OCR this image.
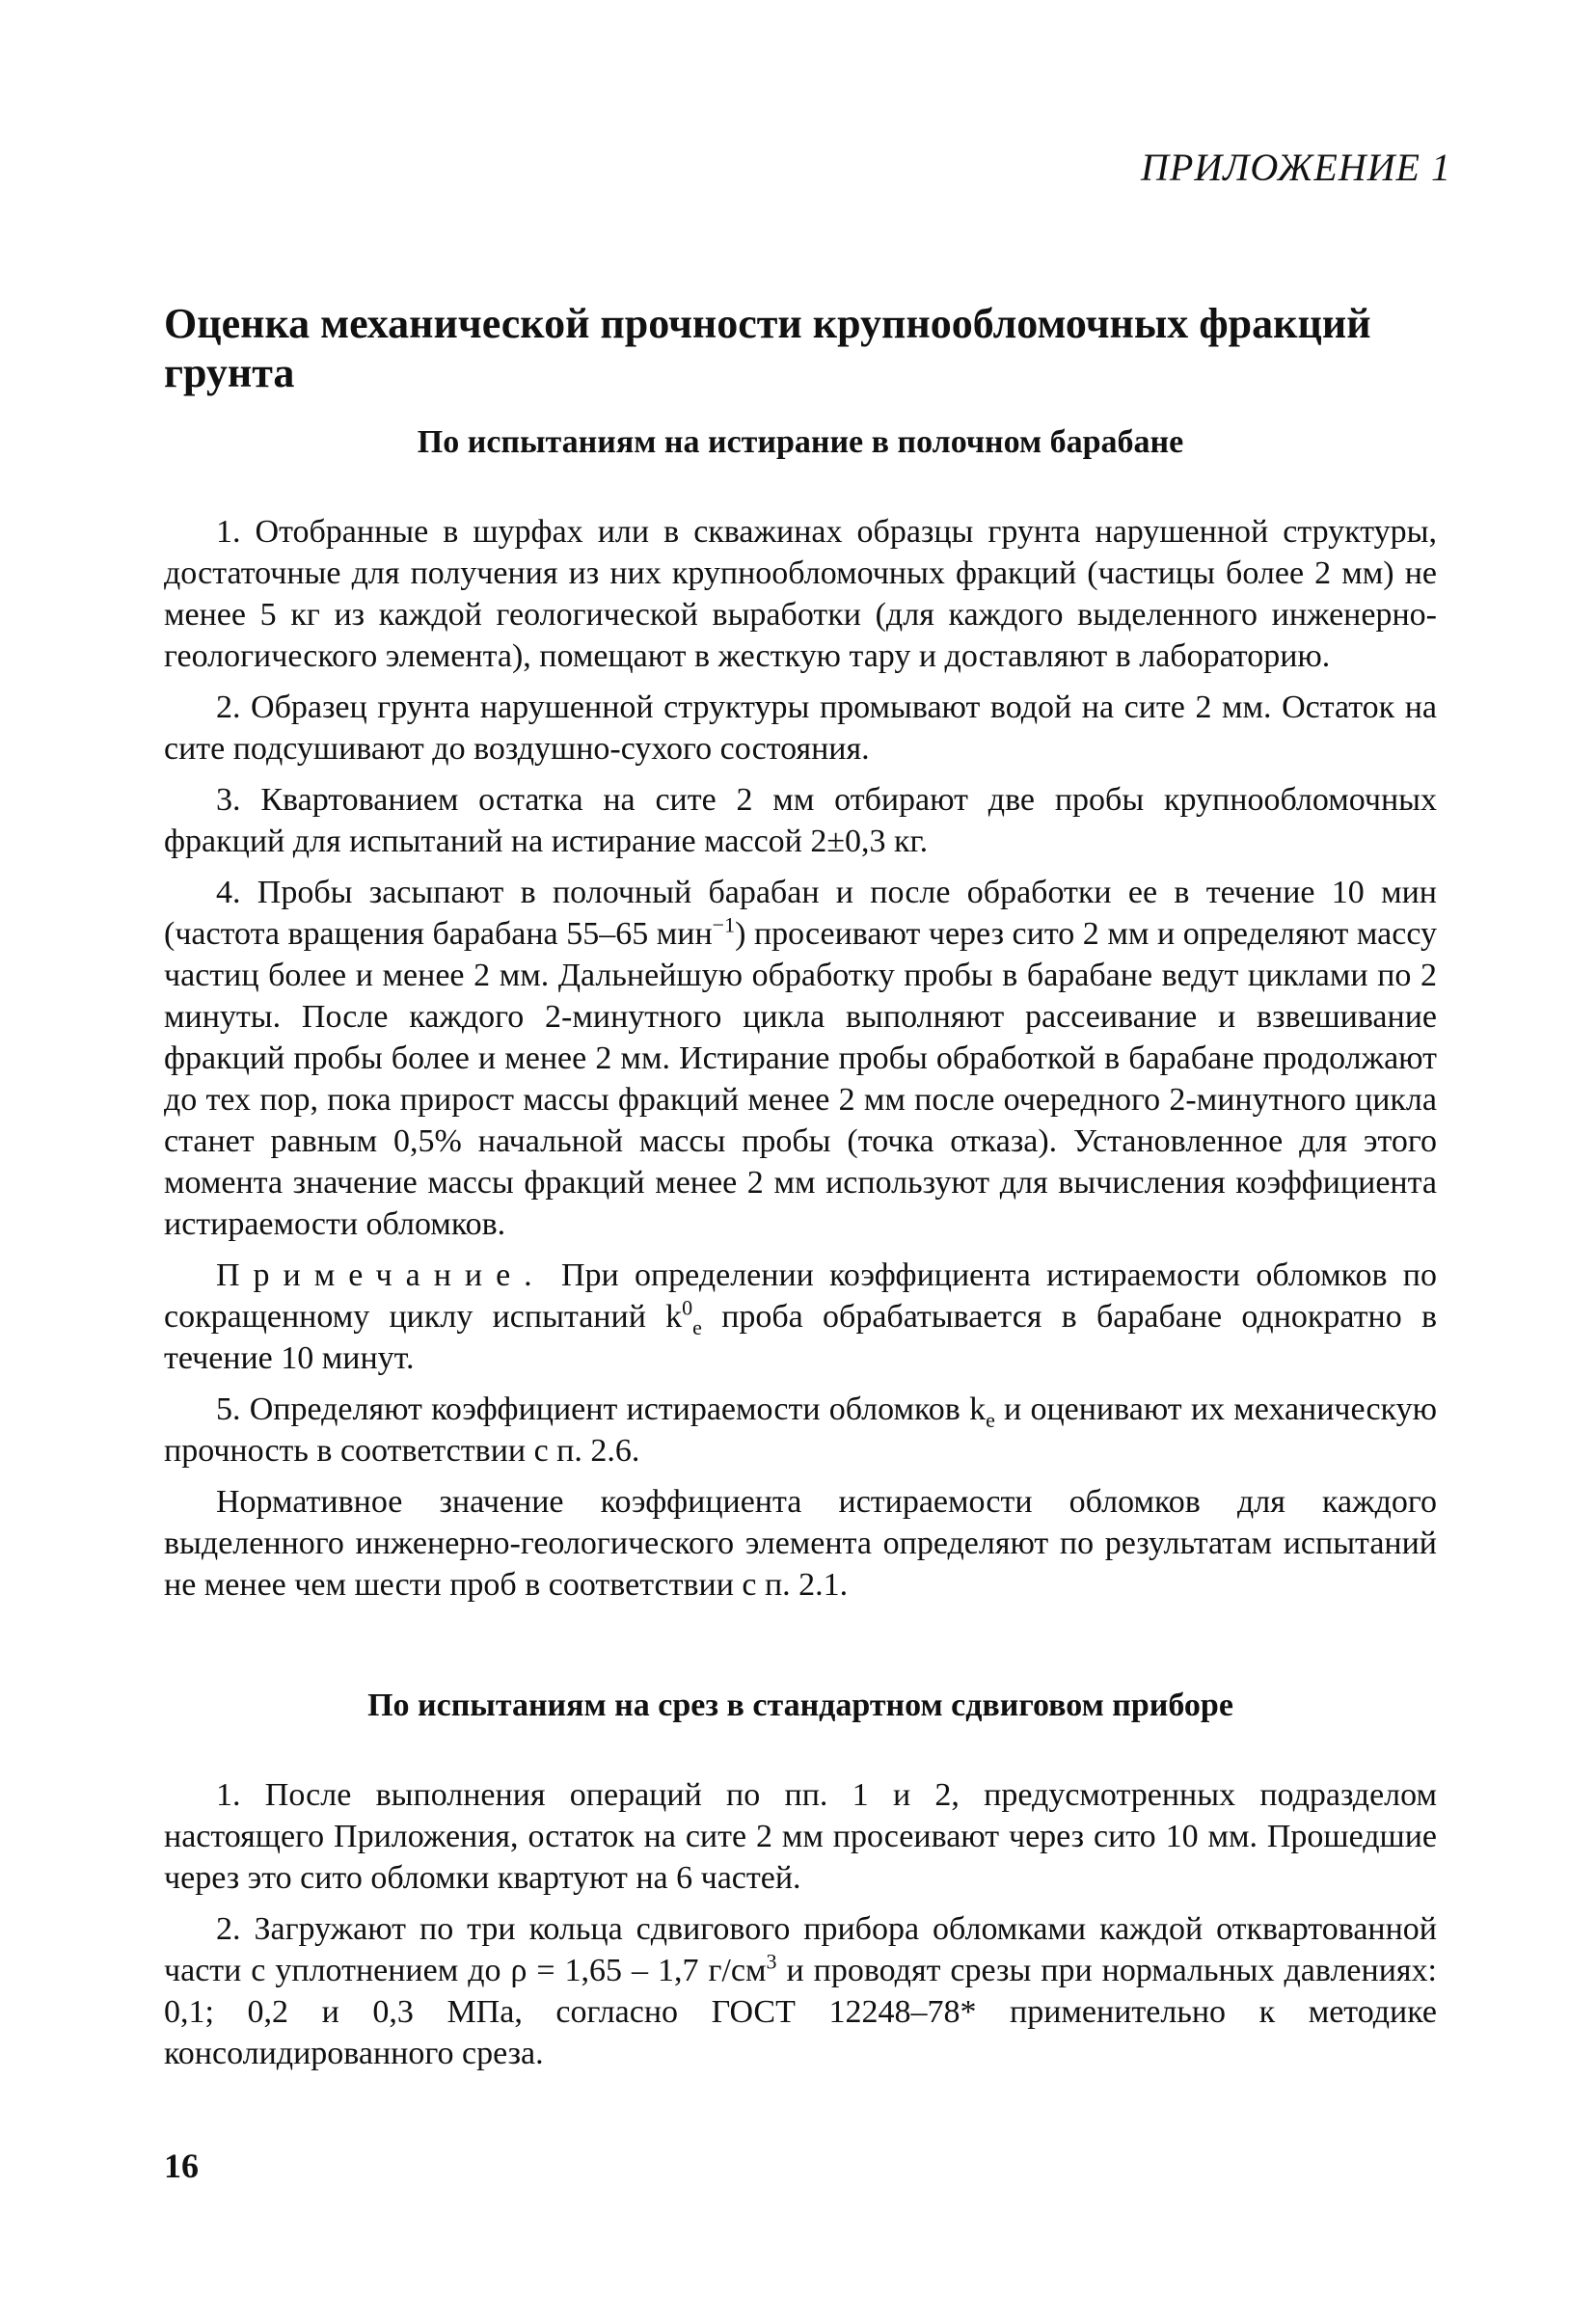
ПРИЛОЖЕНИЕ 1
Оценка механической прочности крупнообломочных фракций грунта
По испытаниям на истирание в полочном барабане

1. Отобранные в шурфах или в скважинах образцы грунта нарушенной структуры, достаточные для получения из них крупнообломочных фракций (частицы более 2 мм) не менее 5 кг из каждой геологической выработки (для каждого выделенного инженерно-геологического элемента), помещают в жесткую тару и доставляют в лабораторию.

2. Образец грунта нарушенной структуры промывают водой на сите 2 мм. Остаток на сите подсушивают до воздушно-сухого состояния.

3. Квартованием остатка на сите 2 мм отбирают две пробы крупнообломочных фракций для испытаний на истирание массой 2±0,3 кг.

4. Пробы засыпают в полочный барабан и после обработки ее в течение 10 мин (частота вращения барабана 55–65 мин$^{-1}$) просеивают через сито 2 мм и определяют массу частиц более и менее 2 мм. Дальнейшую обработку пробы в барабане ведут циклами по 2 минуты. После каждого 2-минутного цикла выполняют рассеивание и взвешивание фракций пробы более и менее 2 мм. Истирание пробы обработкой в барабане продолжают до тех пор, пока прирост массы фракций менее 2 мм после очередного 2-минутного цикла станет равным 0,5% начальной массы пробы (точка отказа). Установленное для этого момента значение массы фракций менее 2 мм используют для вычисления коэффициента истираемости обломков.

Примечание. При определении коэффициента истираемости обломков по сокращенному циклу испытаний $k^0_e$ проба обрабатывается в барабане однократно в течение 10 минут.

5. Определяют коэффициент истираемости обломков $k_e$ и оценивают их механическую прочность в соответствии с п. 2.6.

Нормативное значение коэффициента истираемости обломков для каждого выделенного инженерно-геологического элемента определяют по результатам испытаний не менее чем шести проб в соответствии с п. 2.1.

По испытаниям на срез в стандартном сдвиговом приборе

1. После выполнения операций по пп. 1 и 2, предусмотренных подразделом настоящего Приложения, остаток на сите 2 мм просеивают через сито 10 мм. Прошедшие через это сито обломки квартуют на 6 частей.

2. Загружают по три кольца сдвигового прибора обломками каждой отквартованной части с уплотнением до ρ = 1,65 – 1,7 $г/см^3$ и проводят срезы при нормальных давлениях: 0,1; 0,2 и 0,3 МПа, согласно ГОСТ 12248–78* применительно к методике консолидированного среза.

16
